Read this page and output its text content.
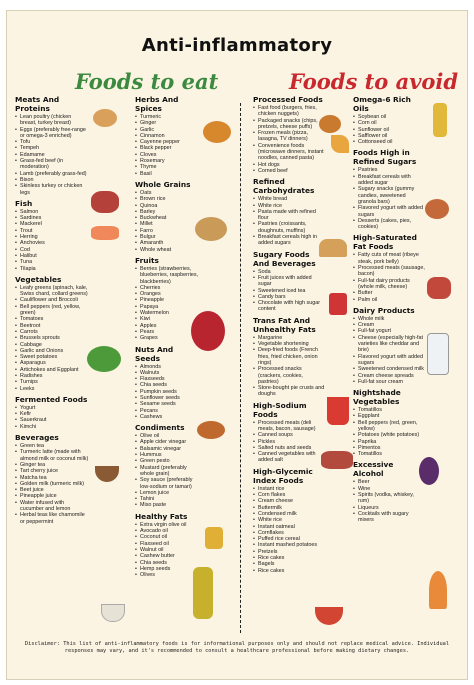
Anti-inflammatory
Foods to eat	Foods to avoid
Meats And Proteins
• Lean poultry (chicken breast, turkey breast)
• Eggs (preferably free-range or omega-3 enriched)
• Tofu
• Tempeh
• Edamame
• Grass-fed beef (in moderation)
• Lamb (preferably grass-fed)
• Bison
• Skinless turkey or chicken legs
Fish
• Salmon
• Sardines
• Mackerel
• Trout
• Herring
• Anchovies
• Cod
• Halibut
• Tuna
• Tilapia
Vegetables
• Leafy greens (spinach, kale, Swiss chard, collard greens)
• Cauliflower and Broccoli
• Bell peppers (red, yellow, green)
• Tomatoes
• Beetroot
• Carrots
• Brussels sprouts
• Cabbage
• Garlic and Onions
• Sweet potatoes
• Asparagus
• Artichokes and Eggplant
• Radishes
• Turnips
• Leeks
Fermented Foods
• Yogurt
• Kefir
• Sauerkraut
• Kimchi
Beverages
• Green tea
• Turmeric latte (made with almond milk or coconut milk)
• Ginger tea
• Tart cherry juice
• Matcha tea
• Golden milk (turmeric milk)
• Beet juice
• Pineapple juice
• Water infused with cucumber and lemon
• Herbal teas like chamomile or peppermint
Herbs And Spices
• Turmeric
• Ginger
• Garlic
• Cinnamon
• Cayenne pepper
• Black pepper
• Cloves
• Rosemary
• Thyme
• Basil
Whole Grains
• Oats
• Brown rice
• Quinoa
• Barley
• Buckwheat
• Millet
• Farro
• Bulgur
• Amaranth
• Whole wheat
Fruits
• Berries (strawberries, blueberries, raspberries, blackberries)
• Cherries
• Oranges
• Pineapple
• Papaya
• Watermelon
• Kiwi
• Apples
• Pears
• Grapes
Nuts And Seeds
• Almonds
• Walnuts
• Flaxseeds
• Chia seeds
• Pumpkin seeds
• Sunflower seeds
• Sesame seeds
• Pecans
• Cashews
Condiments
• Olive oil
• Apple cider vinegar
• Balsamic vinegar
• Hummus
• Green pesto
• Mustard (preferably whole grain)
• Soy sauce (preferably low-sodium or tamari)
• Lemon juice
• Tahini
• Miso paste
Healthy Fats
• Extra virgin olive oil
• Avocado oil
• Coconut oil
• Flaxseed oil
• Walnut oil
• Cashew butter
• Chia seeds
• Hemp seeds
• Olives
Processed Foods
• Fast food (burgers, fries, chicken nuggets)
• Packaged snacks (chips, pretzels, cheese puffs)
• Frozen meals (pizza, lasagna, TV dinners)
• Convenience foods (microwave dinners, instant noodles, canned pasta)
• Hot dogs
• Corned beef
Refined Carbohydrates
• White bread
• White rice
• Pasta made with refined flour
• Pastries (croissants, doughnuts, muffins)
• Breakfast cereals high in added sugars
Sugary Foods And Beverages
• Soda
• Fruit juices with added sugar
• Sweetened iced tea
• Candy bars
• Chocolate with high sugar content
Trans Fat And Unhealthy Fats
• Margarine
• Vegetable shortening
• Deep-fried foods (French fries, fried chicken, onion rings)
• Processed snacks (crackers, cookies, pastries)
• Store-bought pie crusts and doughs
High-Sodium Foods
• Processed meats (deli meats, bacon, sausage)
• Canned soups
• Pickles
• Salted nuts and seeds
• Canned vegetables with added salt
High-Glycemic Index Foods
• Instant rice
• Corn flakes
• Cream cheese
• Buttermilk
• Condensed milk
• White rice
• Instant oatmeal
• Cornflakes
• Puffed rice cereal
• Instant mashed potatoes
• Pretzels
• Rice cakes
• Bagels
• Rice cakes
Omega-6 Rich Oils
• Soybean oil
• Corn oil
• Sunflower oil
• Safflower oil
• Cottonseed oil
Foods High in Refined Sugars
• Pastries
• Breakfast cereals with added sugar
• Sugary snacks (gummy candies, sweetened granola bars)
• Flavored yogurt with added sugars
• Desserts (cakes, pies, cookies)
High-Saturated Fat Foods
• Fatty cuts of meat (ribeye steak, pork belly)
• Processed meats (sausage, bacon)
• Full-fat dairy products (whole milk, cheese)
• Butter
• Palm oil
Dairy Products
• Whole milk
• Cream
• Full-fat yogurt
• Cheese (especially high-fat varieties like cheddar and brie)
• Flavored yogurt with added sugars
• Sweetened condensed milk
• Cream cheese spreads
• Full-fat sour cream
Nightshade Vegetables
• Tomatillos
• Eggplant
• Bell peppers (red, green, yellow)
• Potatoes (white potatoes)
• Paprika
• Pimentos
• Tomatillos
Excessive Alcohol
• Beer
• Wine
• Spirits (vodka, whiskey, rum)
• Liqueurs
• Cocktails with sugary mixers
Disclaimer: This list of anti-inflammatory foods is for informational purposes only and should not replace medical advice. Individual responses may vary, and it's recommended to consult a healthcare professional before making dietary changes.
